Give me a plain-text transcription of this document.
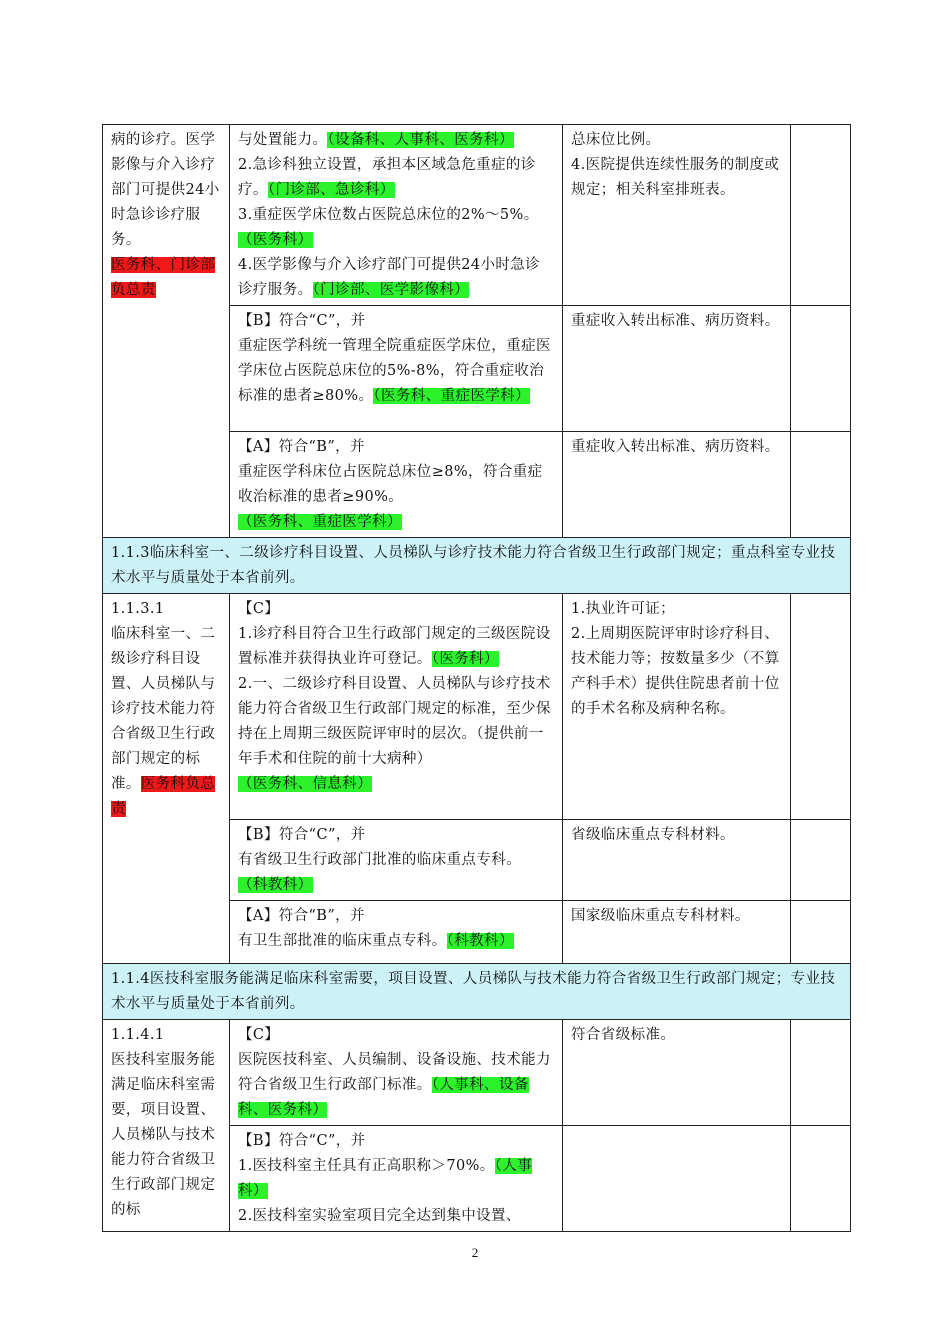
病的诊疗。医学影像与介入诊疗部门可提供24小时急诊诊疗服务。
医务科、门诊部负总责	与处置能力。（设备科、人事科、医务科）
2.急诊科独立设置，承担本区域急危重症的诊疗。（门诊部、急诊科）
3.重症医学床位数占医院总床位的2%～5%。（医务科）
4.医学影像与介入诊疗部门可提供24小时急诊诊疗服务。（门诊部、医学影像科）	总床位比例。
4.医院提供连续性服务的制度或规定；相关科室排班表。	

	【B】符合“C”，并
重症医学科统一管理全院重症医学床位，重症医学床位占医院总床位的5%-8%，符合重症收治标准的患者≥80%。（医务科、重症医学科）	重症收入转出标准、病历资料。	

	【A】符合“B”，并
重症医学科床位占医院总床位≥8%，符合重症收治标准的患者≥90%。
（医务科、重症医学科）	重症收入转出标准、病历资料。	
1.1.3临床科室一、二级诊疗科目设置、人员梯队与诊疗技术能力符合省级卫生行政部门规定；重点科室专业技术水平与质量处于本省前列。			

1.1.3.1
临床科室一、二级诊疗科目设置、人员梯队与诊疗技术能力符合省级卫生行政部门规定的标准。医务科负总责	【C】
1.诊疗科目符合卫生行政部门规定的三级医院设置标准并获得执业许可登记。（医务科）
2.一、二级诊疗科目设置、人员梯队与诊疗技术能力符合省级卫生行政部门规定的标准，至少保持在上周期三级医院评审时的层次。（提供前一年手术和住院的前十大病种）
（医务科、信息科）	1.执业许可证；
2.上周期医院评审时诊疗科目、技术能力等；按数量多少（不算产科手术）提供住院患者前十位的手术名称及病种名称。	

	【B】符合“C”，并
有省级卫生行政部门批准的临床重点专科。
（科教科）	省级临床重点专科材料。	

	【A】符合“B”，并
有卫生部批准的临床重点专科。（科教科）	国家级临床重点专科材料。	
1.1.4医技科室服务能满足临床科室需要，项目设置、人员梯队与技术能力符合省级卫生行政部门规定；专业技术水平与质量处于本省前列。			

1.1.4.1
医技科室服务能满足临床科室需要，项目设置、人员梯队与技术能力符合省级卫生行政部门规定的标	【C】
医院医技科室、人员编制、设备设施、技术能力符合省级卫生行政部门标准。（人事科、设备科、医务科）	符合省级标准。	

	【B】符合“C”，并
1.医技科室主任具有正高职称＞70%。（人事科）
2.医技科室实验室项目完全达到集中设置、		
2
